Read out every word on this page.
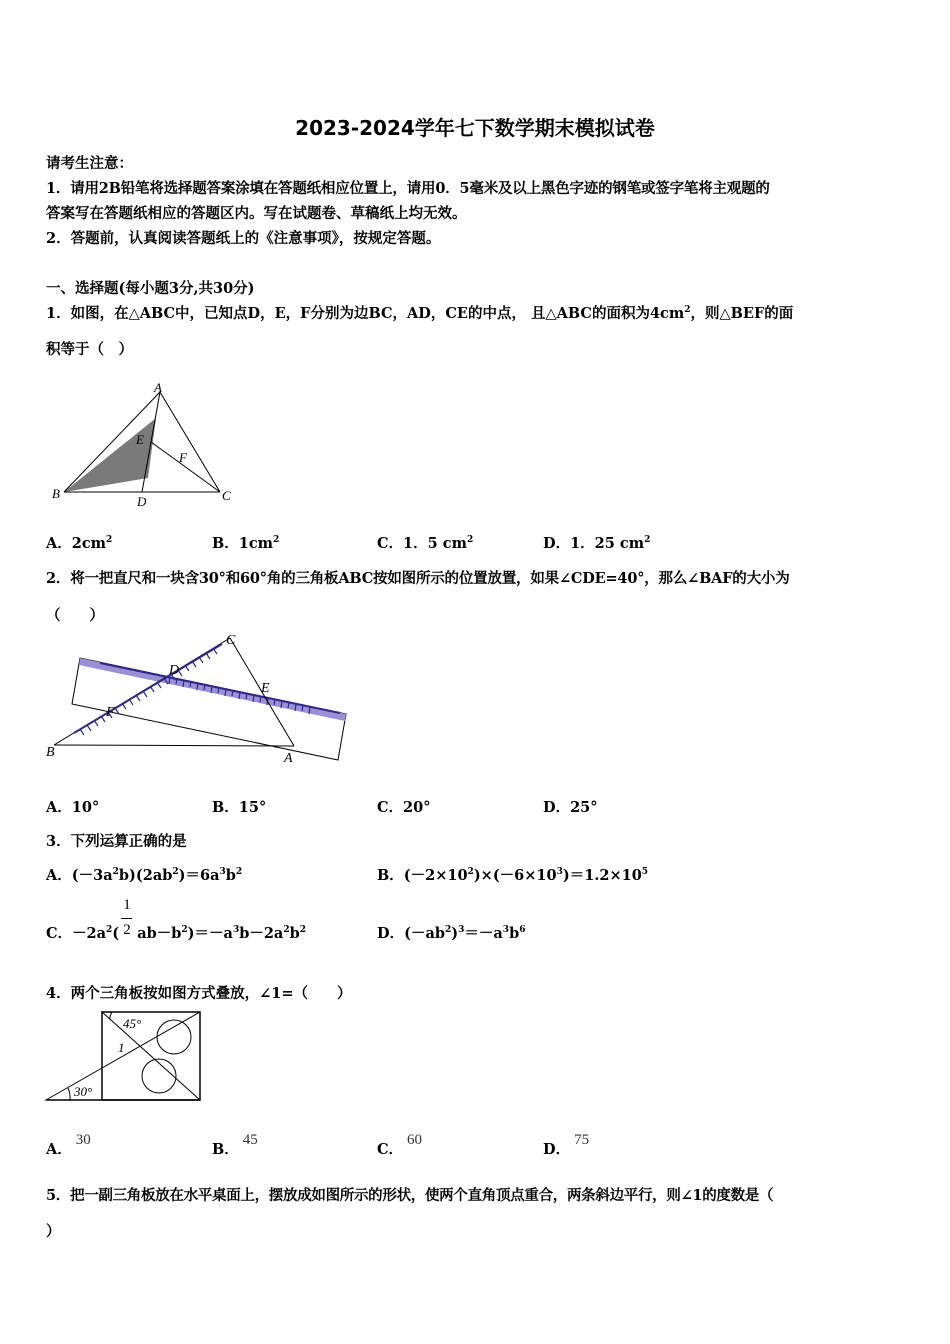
2023-2024学年七下数学期末模拟试卷
请考生注意：
1．请用2B铅笔将选择题答案涂填在答题纸相应位置上，请用0．5毫米及以上黑色字迹的钢笔或签字笔将主观题的
答案写在答题纸相应的答题区内。写在试题卷、草稿纸上均无效。
2．答题前，认真阅读答题纸上的《注意事项》，按规定答题。
一、选择题(每小题3分,共30分)
1．如图，在△ABC中，已知点D，E，F分别为边BC，AD，CE的中点， 且△ABC的面积为$4cm^2$，则△BEF的面
积等于（　）
A
B	C
D
E
F
A．$2cm^2$	B．$1cm^2$	C．1．5 $cm^2$	D．1．25 $cm^2$
2．将一把直尺和一块含30°和60°角的三角板ABC按如图所示的位置放置，如果∠CDE=40°，那么∠BAF的大小为
（　　）
B
C
A
D
E
F
A．10°	B．15°	C．20°	D．25°
3．下列运算正确的是
A．$(-3a^2b)(2ab^2)=6a^3b^2$	B．$(-2\times 10^2)\times(-6\times 10^3)=1.2\times 10^5$
1
2
C．$-2a^2$( $ab-b^2)=-a^3b-2a^2b^2$	D．$(-ab^2)^3=-a^3b^6$
4．两个三角板按如图方式叠放，∠1=（　　）
45°
30°
1
A．30
B．45
C．60
D．75
5．把一副三角板放在水平桌面上，摆放成如图所示的形状，使两个直角顶点重合，两条斜边平行，则∠1的度数是（
）
